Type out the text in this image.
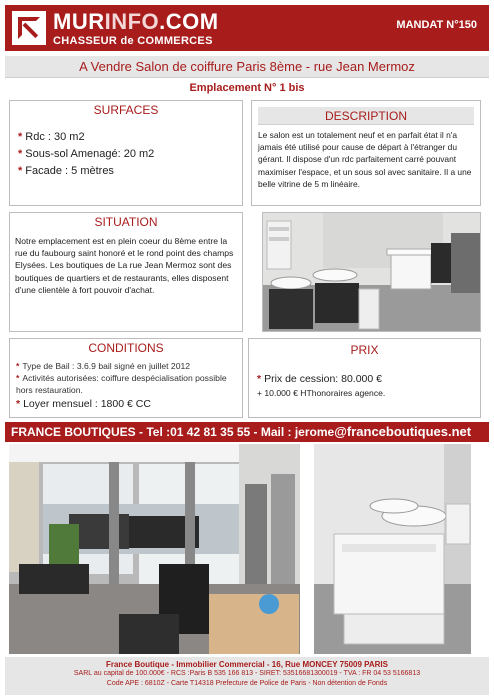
MURINFO.COM
CHASSEUR de COMMERCES
MANDAT N°150
A Vendre Salon de coiffure Paris 8ème - rue Jean Mermoz
Emplacement N° 1 bis
SURFACES
* Rdc : 30 m2
* Sous-sol Amenagé: 20 m2
* Facade : 5 mètres
DESCRIPTION

Le salon est un totalement neuf et en parfait état il n'a jamais été utilisé pour cause de départ à l'étranger du gérant. Il dispose d'un rdc parfaitement carré pouvant maximiser l'espace, et un sous sol avec sanitaire. Il a une belle vitrine de 5 m linéaire.

SITUATION

Notre emplacement est en plein coeur du 8ème entre la rue du faubourg saint honoré et le rond point des champs Elysées. Les boutiques de La rue Jean Mermoz sont des boutiques de quartiers et de restaurants, elles disposent d'une clientèle à fort pouvoir d'achat.

CONDITIONS
* Type de Bail : 3.6.9 bail signé en juillet 2012
* Activités autorisées: coiffure despécialisation possible hors restauration.
* Loyer mensuel : 1800 € CC
PRIX
* Prix de cession: 80.000 €
+ 10.000 € HThonoraires agence.
FRANCE BOUTIQUES - Tel :01 42 81 35 55 - Mail : jerome@franceboutiques.net
France Boutique - Immobilier Commercial - 16, Rue MONCEY 75009 PARIS
SARL au capital de 100.000€ - RCS :Paris B 535 166 813 - SIRET: 53516681300019 - TVA : FR 04 53 5166813
Code APE : 6810Z - Carte T14318 Prefecture de Police de Paris - Non détention de Fonds
